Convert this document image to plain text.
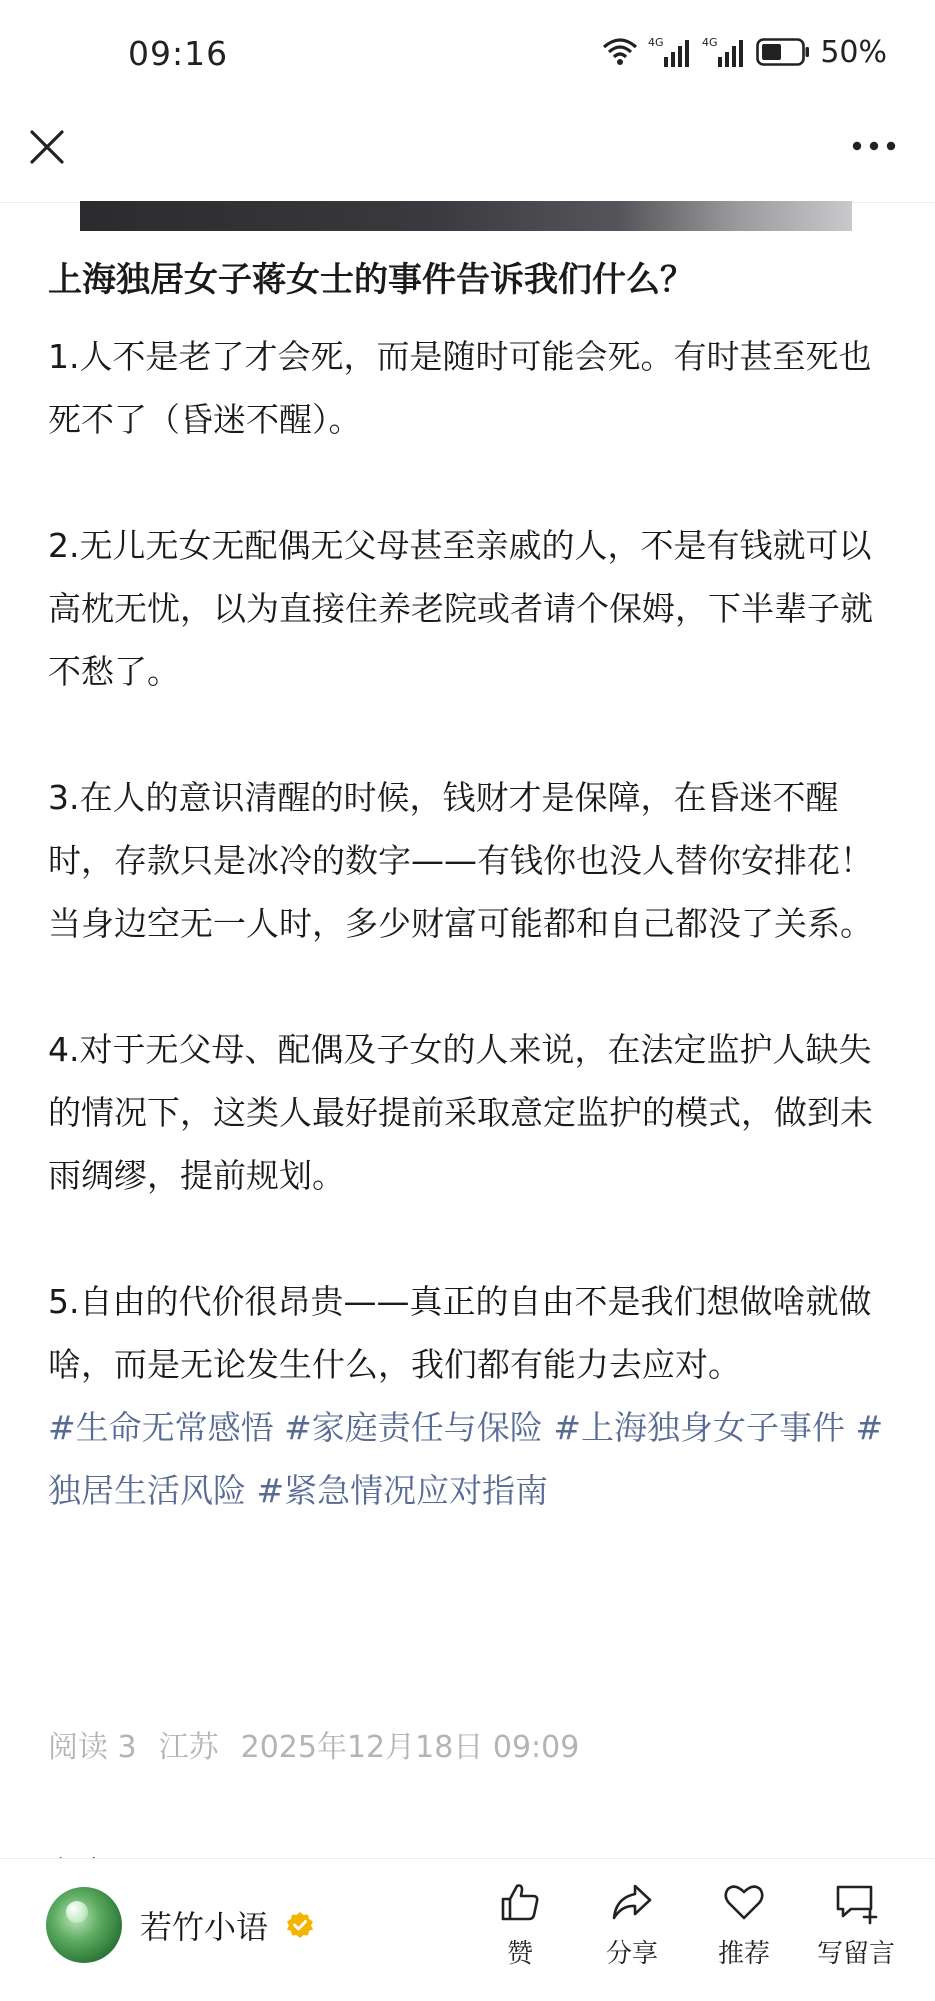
09:16	4G	4G	50%
上海独居女子蒋女士的事件告诉我们什么？

1.人不是老了才会死，而是随时可能会死。有时甚至死也死不了（昏迷不醒）。

2.无儿无女无配偶无父母甚至亲戚的人，不是有钱就可以高枕无忧，以为直接住养老院或者请个保姆，下半辈子就不愁了。

3.在人的意识清醒的时候，钱财才是保障，在昏迷不醒时，存款只是冰冷的数字——有钱你也没人替你安排花！当身边空无一人时，多少财富可能都和自己都没了关系。

4.对于无父母、配偶及子女的人来说，在法定监护人缺失的情况下，这类人最好提前采取意定监护的模式，做到未雨绸缪，提前规划。

5.自由的代价很昂贵——真正的自由不是我们想做啥就做啥，而是无论发生什么，我们都有能力去应对。

#生命无常感悟 #家庭责任与保险 #上海独身女子事件 #独居生活风险 #紧急情况应对指南

阅读 3 江苏 2025年12月18日 09:09
若竹小语
赞	分享 推荐 写留言
